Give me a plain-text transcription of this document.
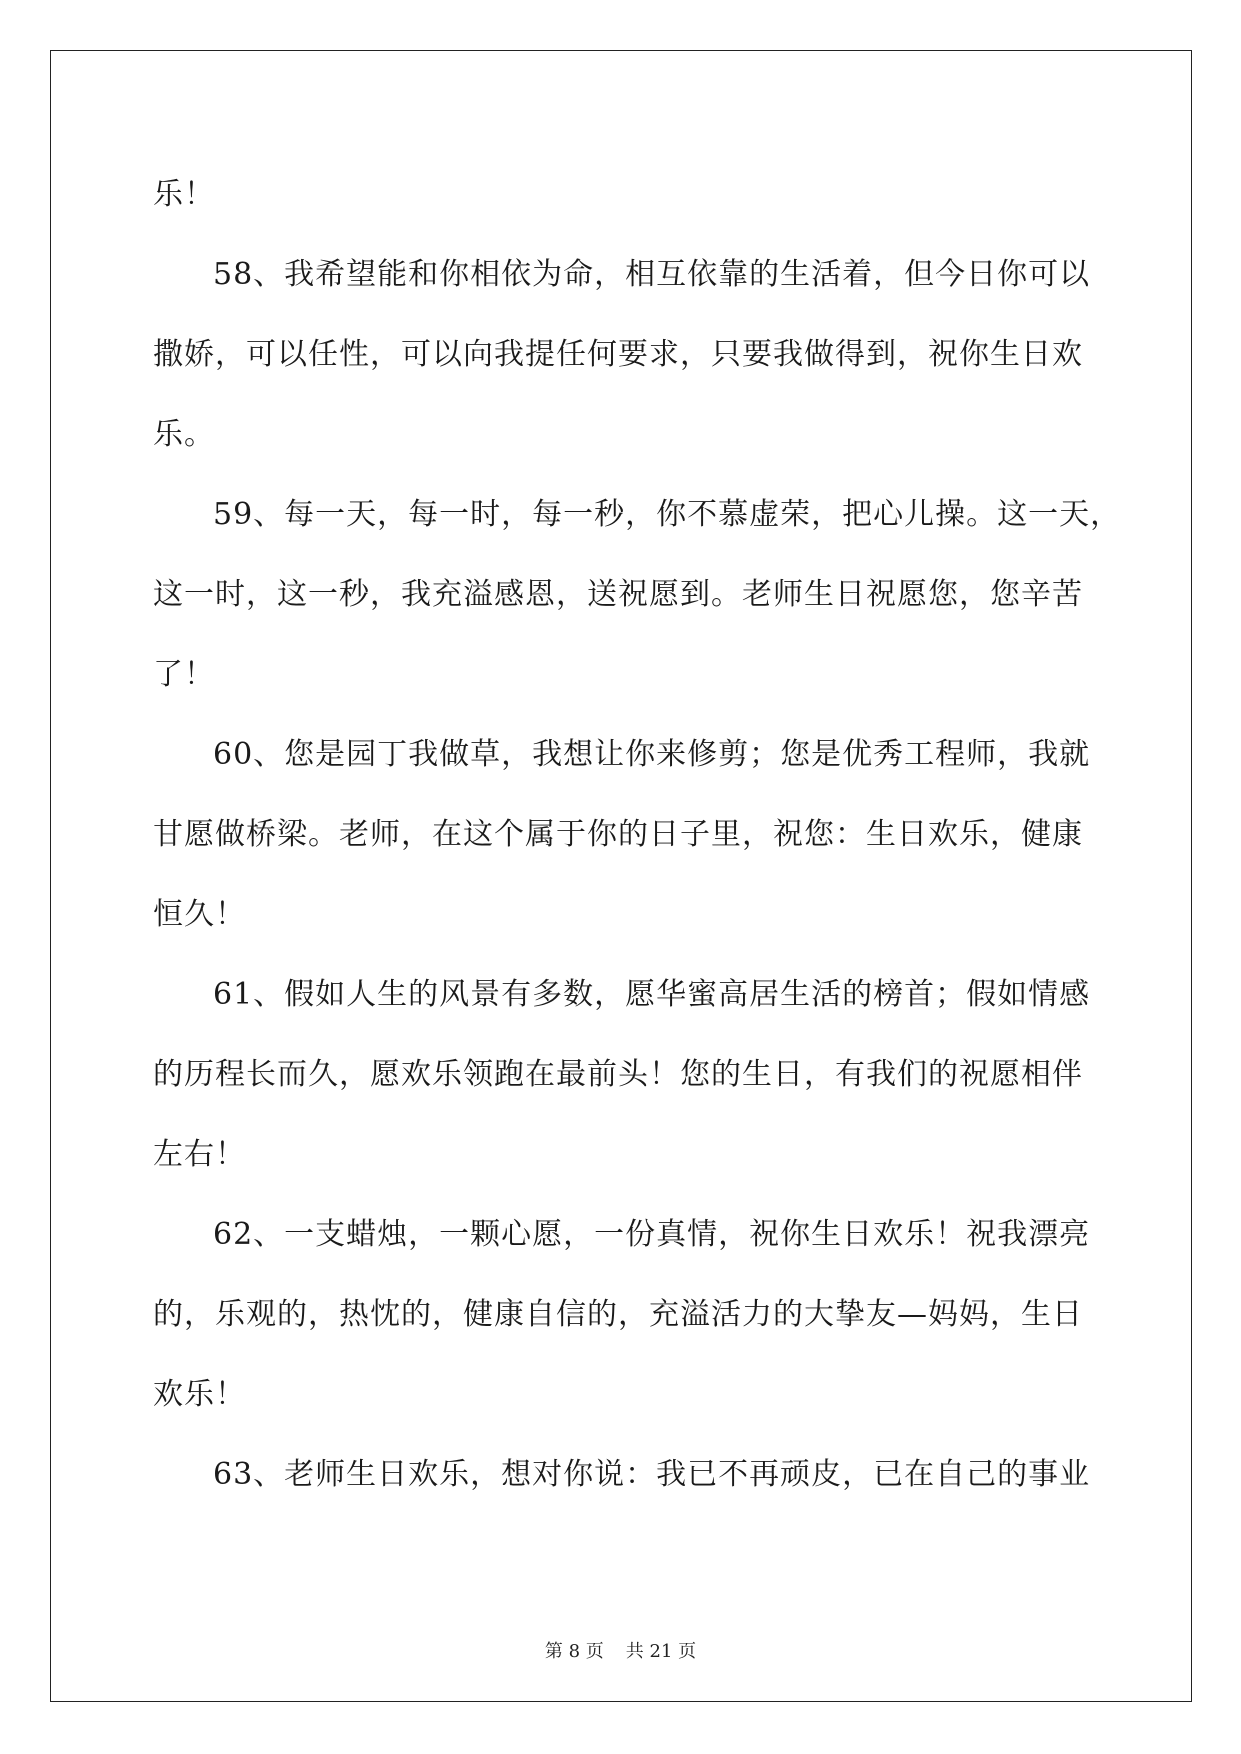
乐！

58、我希望能和你相依为命，相互依靠的生活着，但今日你可以
撒娇，可以任性，可以向我提任何要求，只要我做得到，祝你生日欢
乐。

59、每一天，每一时，每一秒，你不慕虚荣，把心儿操。这一天，
这一时，这一秒，我充溢感恩，送祝愿到。老师生日祝愿您，您辛苦
了！

60、您是园丁我做草，我想让你来修剪；您是优秀工程师，我就
甘愿做桥梁。老师，在这个属于你的日子里，祝您：生日欢乐，健康
恒久！

61、假如人生的风景有多数，愿华蜜高居生活的榜首；假如情感
的历程长而久，愿欢乐领跑在最前头！您的生日，有我们的祝愿相伴
左右！

62、一支蜡烛，一颗心愿，一份真情，祝你生日欢乐！祝我漂亮
的，乐观的，热忱的，健康自信的，充溢活力的大挚友—妈妈，生日
欢乐！

63、老师生日欢乐，想对你说：我已不再顽皮，已在自己的事业

第 8 页 共 21 页
